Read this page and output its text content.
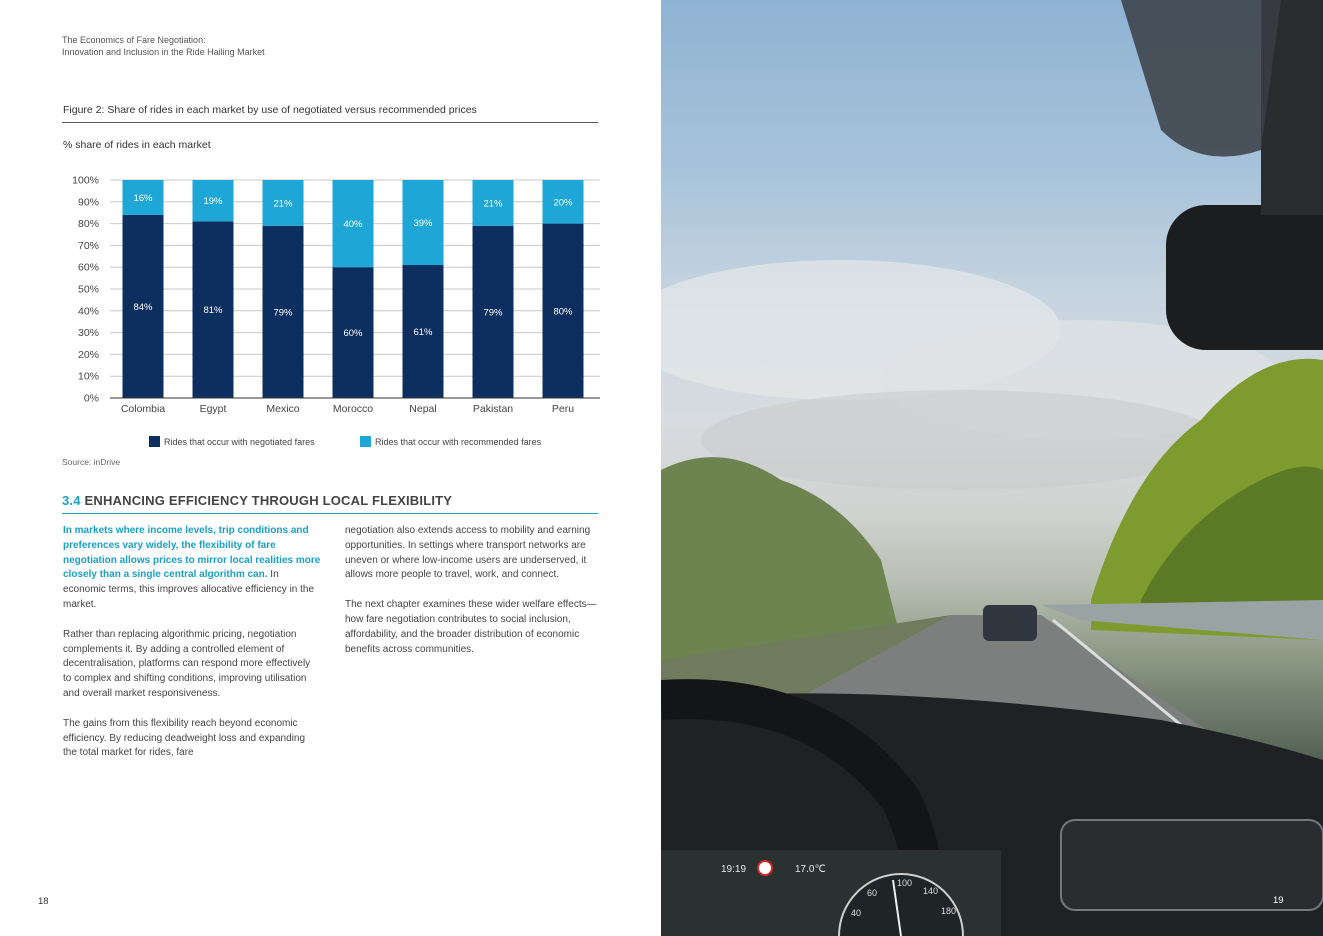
The Economics of Fare Negotiation:
Innovation and Inclusion in the Ride Hailing Market
Figure 2: Share of rides in each market by use of negotiated versus recommended prices
% share of rides in each market
0%
10%
20%
30%
40%
50%
60%
70%
80%
90%
100%
84%
16%
Colombia
81%
19%
Egypt
79%
21%
Mexico
60%
40%
Morocco
61%
39%
Nepal
79%
21%
Pakistan
80%
20%
Peru
Rides that occur with negotiated fares	Rides that occur with recommended fares
Source: inDrive
3.4 ENHANCING EFFICIENCY THROUGH LOCAL FLEXIBILITY

In markets where income levels, trip conditions and preferences vary widely, the flexibility of fare negotiation allows prices to mirror local realities more closely than a single central algorithm can. In economic terms, this improves allocative efficiency in the market.

Rather than replacing algorithmic pricing, negotiation complements it. By adding a controlled element of decentralisation, platforms can respond more effectively to complex and shifting conditions, improving utilisation and overall market responsiveness.

The gains from this flexibility reach beyond economic efficiency. By reducing deadweight loss and expanding the total market for rides, fare

negotiation also extends access to mobility and earning opportunities. In settings where transport networks are uneven or where low-income users are underserved, it allows more people to travel, work, and connect.

The next chapter examines these wider welfare effects—how fare negotiation contributes to social inclusion, affordability, and the broader distribution of economic benefits across communities.

18
19:19	17.0℃
40
60
100
140
180
19
